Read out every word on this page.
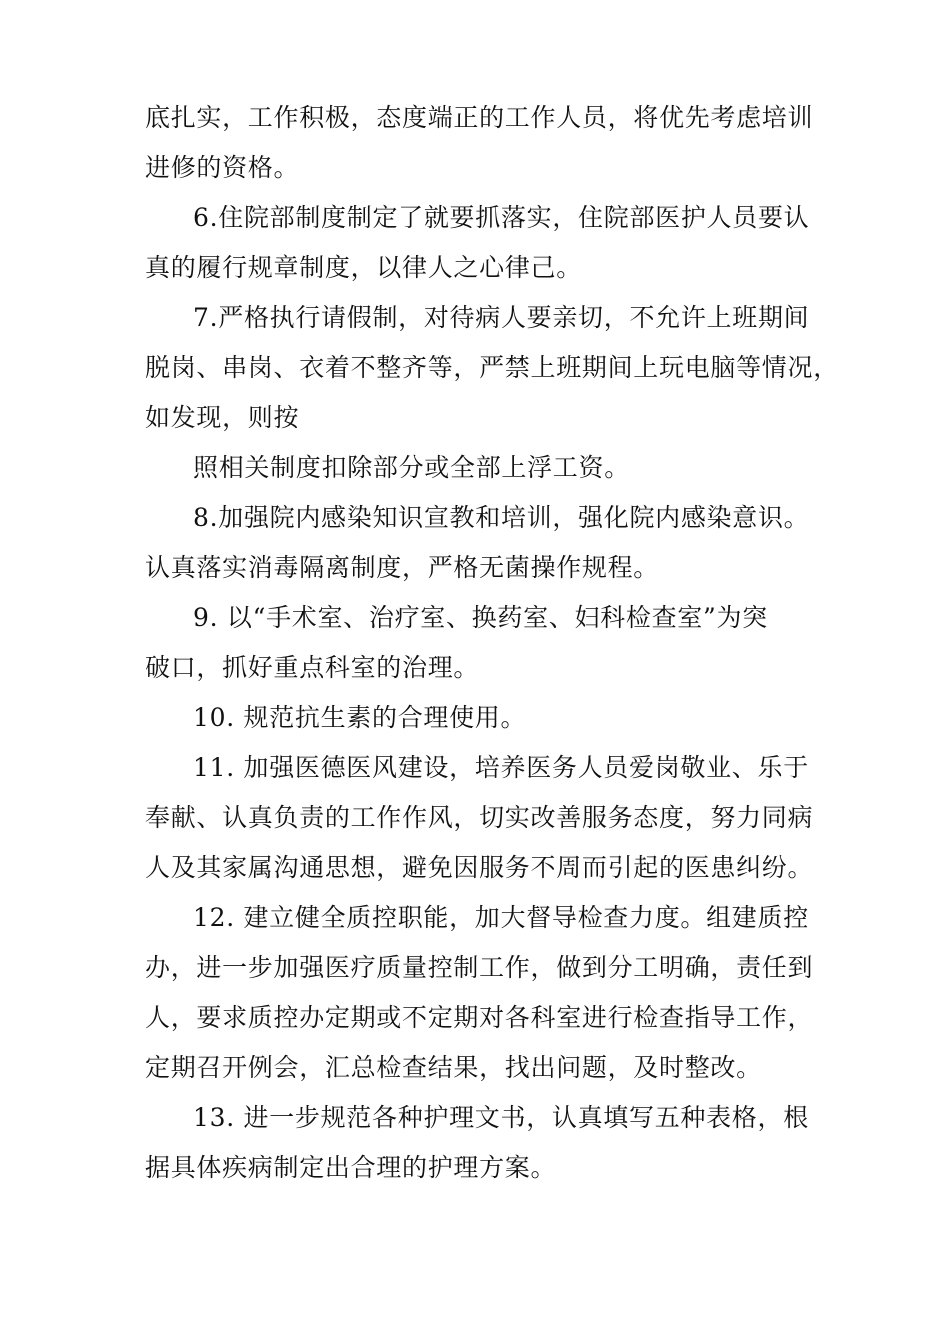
底扎实，工作积极，态度端正的工作人员，将优先考虑培训
进修的资格。
6.住院部制度制定了就要抓落实，住院部医护人员要认
真的履行规章制度，以律人之心律己。
7.严格执行请假制，对待病人要亲切，不允许上班期间
脱岗、串岗、衣着不整齐等，严禁上班期间上玩电脑等情况，
如发现，则按
照相关制度扣除部分或全部上浮工资。
8.加强院内感染知识宣教和培训，强化院内感染意识。
认真落实消毒隔离制度，严格无菌操作规程。
9. 以“手术室、治疗室、换药室、妇科检查室”为突
破口，抓好重点科室的治理。
10. 规范抗生素的合理使用。
11. 加强医德医风建设，培养医务人员爱岗敬业、乐于
奉献、认真负责的工作作风，切实改善服务态度，努力同病
人及其家属沟通思想，避免因服务不周而引起的医患纠纷。
12. 建立健全质控职能，加大督导检查力度。组建质控
办，进一步加强医疗质量控制工作，做到分工明确，责任到
人，要求质控办定期或不定期对各科室进行检查指导工作，
定期召开例会，汇总检查结果，找出问题，及时整改。
13. 进一步规范各种护理文书，认真填写五种表格，根
据具体疾病制定出合理的护理方案。
